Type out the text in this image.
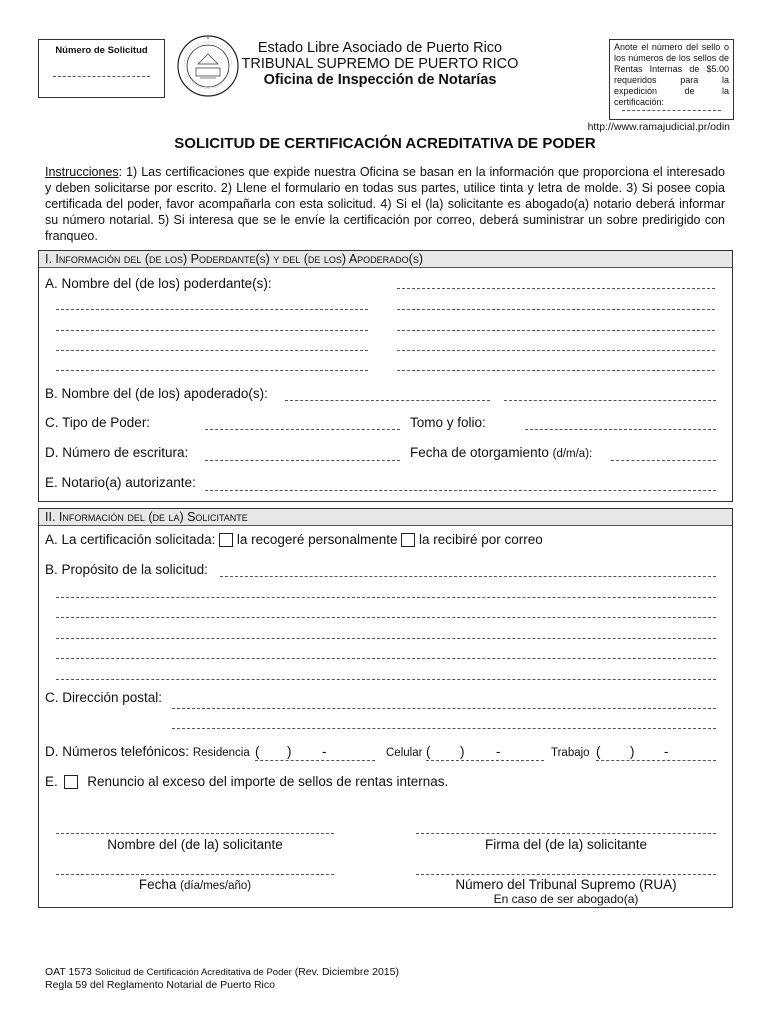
Número de Solicitud	Estado Libre Asociado de Puerto Rico
TRIBUNAL SUPREMO DE PUERTO RICO
Oficina de Inspección de Notarías
Anote el número del sello o los números de los sellos de Rentas Internas de $5.00 requeridos para la expedición de la certificación:
http://www.ramajudicial.pr/odin
SOLICITUD DE CERTIFICACIÓN ACREDITATIVA DE PODER
Instrucciones: 1) Las certificaciones que expide nuestra Oficina se basan en la información que proporciona el interesado y deben solicitarse por escrito. 2) Llene el formulario en todas sus partes, utilice tinta y letra de molde. 3) Si posee copia certificada del poder, favor acompañarla con esta solicitud. 4) Si el (la) solicitante es abogado(a) notario deberá informar su número notarial. 5) Si interesa que se le envíe la certificación por correo, deberá suministrar un sobre predirigido con franqueo.
I. Información del (de los) Poderdante(s) y del (de los) Apoderado(s)
A. Nombre del (de los) poderdante(s):
B. Nombre del (de los) apoderado(s):
C. Tipo de Poder:	Tomo y folio:
D. Número de escritura:	Fecha de otorgamiento (d/m/a):
E. Notario(a) autorizante:
II. Información del (de la) Solicitante
A. La certificación solicitada: la recogeré personalmente la recibiré por correo
B. Propósito de la solicitud:
C. Dirección postal:
D. Números telefónicos: Residencia ( ) -	Celular ( ) -	Trabajo ( ) -
E. Renuncio al exceso del importe de sellos de rentas internas.
Nombre del (de la) solicitante	Firma del (de la) solicitante
Fecha (día/mes/año)	Número del Tribunal Supremo (RUA)
En caso de ser abogado(a)
OAT 1573 Solicitud de Certificación Acreditativa de Poder (Rev. Diciembre 2015)
Regla 59 del Reglamento Notarial de Puerto Rico
